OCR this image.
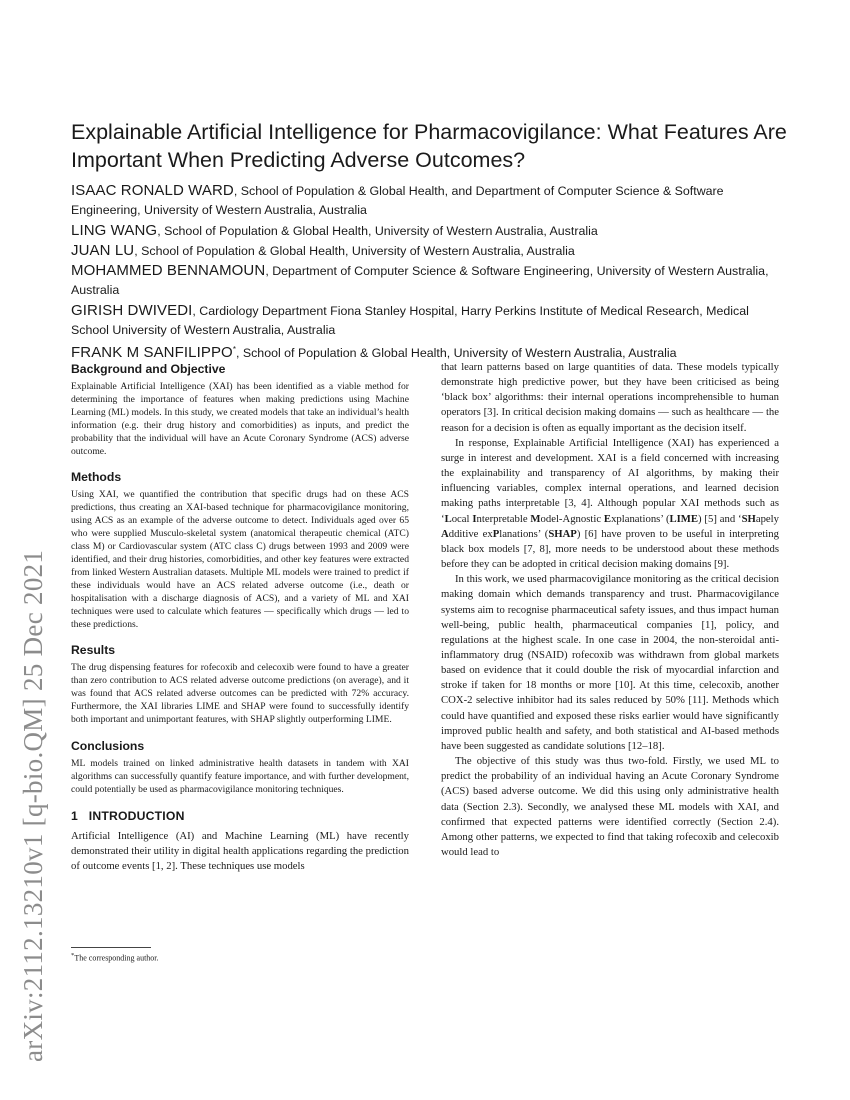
arXiv:2112.13210v1 [q-bio.QM] 25 Dec 2021
Explainable Artificial Intelligence for Pharmacovigilance: What Features Are Important When Predicting Adverse Outcomes?

ISAAC RONALD WARD, School of Population & Global Health, and Department of Computer Science & Software Engineering, University of Western Australia, Australia

LING WANG, School of Population & Global Health, University of Western Australia, Australia

JUAN LU, School of Population & Global Health, University of Western Australia, Australia

MOHAMMED BENNAMOUN, Department of Computer Science & Software Engineering, University of Western Australia, Australia

GIRISH DWIVEDI, Cardiology Department Fiona Stanley Hospital, Harry Perkins Institute of Medical Research, Medical School University of Western Australia, Australia

FRANK M SANFILIPPO*, School of Population & Global Health, University of Western Australia, Australia

Background and Objective

Explainable Artificial Intelligence (XAI) has been identified as a viable method for determining the importance of features when making predictions using Machine Learning (ML) models. In this study, we created models that take an individual’s health information (e.g. their drug history and comorbidities) as inputs, and predict the probability that the individual will have an Acute Coronary Syndrome (ACS) adverse outcome.

Methods

Using XAI, we quantified the contribution that specific drugs had on these ACS predictions, thus creating an XAI-based technique for pharmacovigilance monitoring, using ACS as an example of the adverse outcome to detect. Individuals aged over 65 who were supplied Musculo-skeletal system (anatomical therapeutic chemical (ATC) class M) or Cardiovascular system (ATC class C) drugs between 1993 and 2009 were identified, and their drug histories, comorbidities, and other key features were extracted from linked Western Australian datasets. Multiple ML models were trained to predict if these individuals would have an ACS related adverse outcome (i.e., death or hospitalisation with a discharge diagnosis of ACS), and a variety of ML and XAI techniques were used to calculate which features — specifically which drugs — led to these predictions.

Results

The drug dispensing features for rofecoxib and celecoxib were found to have a greater than zero contribution to ACS related adverse outcome predictions (on average), and it was found that ACS related adverse outcomes can be predicted with 72% accuracy. Furthermore, the XAI libraries LIME and SHAP were found to successfully identify both important and unimportant features, with SHAP slightly outperforming LIME.

Conclusions

ML models trained on linked administrative health datasets in tandem with XAI algorithms can successfully quantify feature importance, and with further development, could potentially be used as pharmacovigilance monitoring techniques.

1   INTRODUCTION

Artificial Intelligence (AI) and Machine Learning (ML) have recently demonstrated their utility in digital health applications regarding the prediction of outcome events [1, 2]. These techniques use models

that learn patterns based on large quantities of data. These models typically demonstrate high predictive power, but they have been criticised as being ‘black box’ algorithms: their internal operations incomprehensible to human operators [3]. In critical decision making domains — such as healthcare — the reason for a decision is often as equally important as the decision itself.

In response, Explainable Artificial Intelligence (XAI) has experienced a surge in interest and development. XAI is a field concerned with increasing the explainability and transparency of AI algorithms, by making their influencing variables, complex internal operations, and learned decision making paths interpretable [3, 4]. Although popular XAI methods such as ‘Local Interpretable Model-Agnostic Explanations’ (LIME) [5] and ‘SHapely Additive exPlanations’ (SHAP) [6] have proven to be useful in interpreting black box models [7, 8], more needs to be understood about these methods before they can be adopted in critical decision making domains [9].

In this work, we used pharmacovigilance monitoring as the critical decision making domain which demands transparency and trust. Pharmacovigilance systems aim to recognise pharmaceutical safety issues, and thus impact human well-being, public health, pharmaceutical companies [1], policy, and regulations at the highest scale. In one case in 2004, the non-steroidal anti-inflammatory drug (NSAID) rofecoxib was withdrawn from global markets based on evidence that it could double the risk of myocardial infarction and stroke if taken for 18 months or more [10]. At this time, celecoxib, another COX-2 selective inhibitor had its sales reduced by 50% [11]. Methods which could have quantified and exposed these risks earlier would have significantly improved public health and safety, and both statistical and AI-based methods have been suggested as candidate solutions [12–18].

The objective of this study was thus two-fold. Firstly, we used ML to predict the probability of an individual having an Acute Coronary Syndrome (ACS) based adverse outcome. We did this using only administrative health data (Section 2.3). Secondly, we analysed these ML models with XAI, and confirmed that expected patterns were identified correctly (Section 2.4). Among other patterns, we expected to find that taking rofecoxib and celecoxib would lead to

*The corresponding author.
